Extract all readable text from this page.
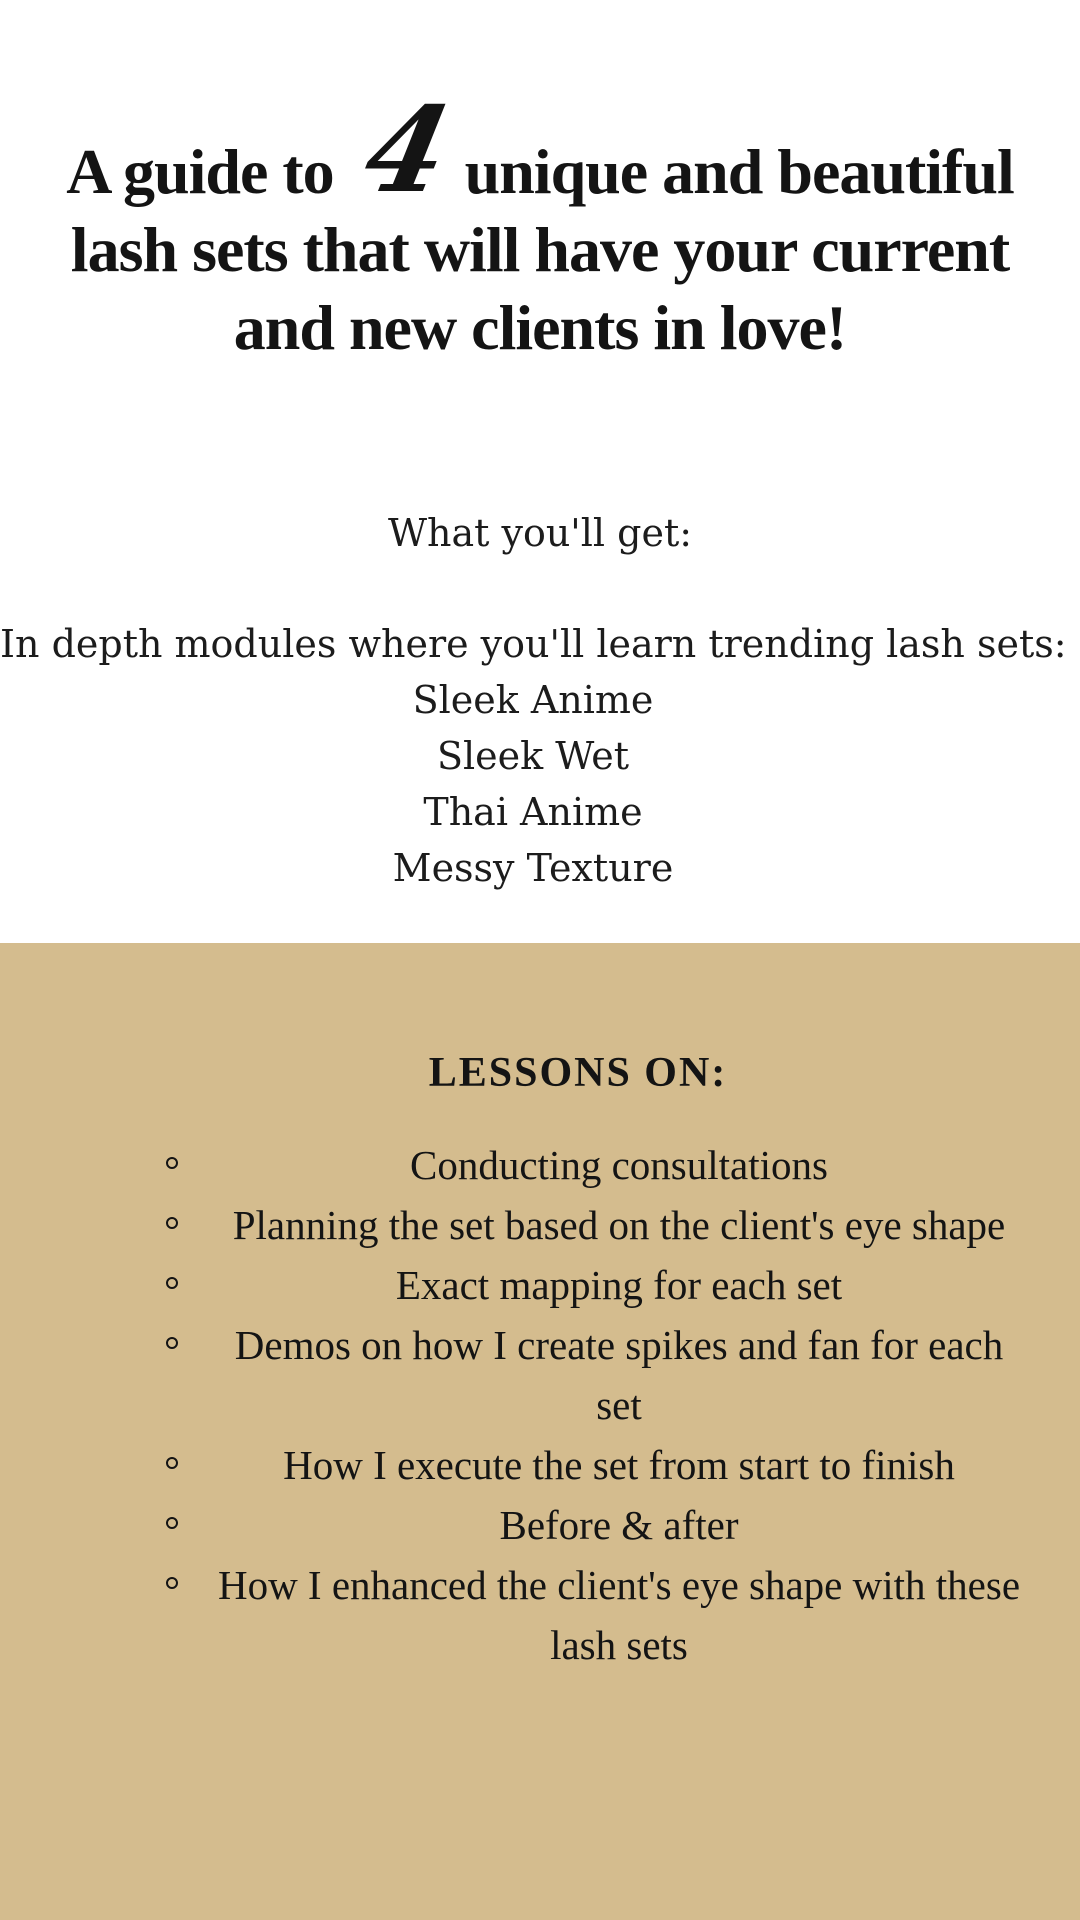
A guide to 4unique and beautiful
lash sets that will have your current
and new clients in love!
What you'll get:
In depth modules where you'll learn trending lash sets:
Sleek Anime
Sleek Wet
Thai Anime
Messy Texture
LESSONS ON:
Conducting consultations
Planning the set based on the client's eye shape
Exact mapping for each set
Demos on how I create spikes and fan for each set
How I execute the set from start to finish
Before & after
How I enhanced the client's eye shape with these lash sets
